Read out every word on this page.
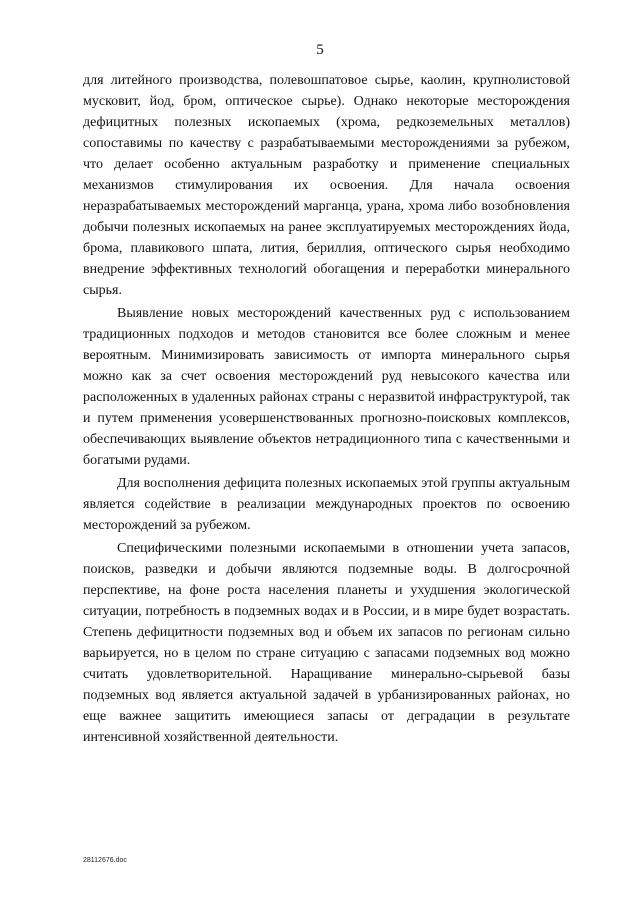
5

для литейного производства, полевошпатовое сырье, каолин, крупнолистовой мусковит, йод, бром, оптическое сырье). Однако некоторые месторождения дефицитных полезных ископаемых (хрома, редкоземельных металлов) сопоставимы по качеству с разрабатываемыми месторождениями за рубежом, что делает особенно актуальным разработку и применение специальных механизмов стимулирования их освоения. Для начала освоения неразрабатываемых месторождений марганца, урана, хрома либо возобновления добычи полезных ископаемых на ранее эксплуатируемых месторождениях йода, брома, плавикового шпата, лития, бериллия, оптического сырья необходимо внедрение эффективных технологий обогащения и переработки минерального сырья.

Выявление новых месторождений качественных руд с использованием традиционных подходов и методов становится все более сложным и менее вероятным. Минимизировать зависимость от импорта минерального сырья можно как за счет освоения месторождений руд невысокого качества или расположенных в удаленных районах страны с неразвитой инфраструктурой, так и путем применения усовершенствованных прогнозно-поисковых комплексов, обеспечивающих выявление объектов нетрадиционного типа с качественными и богатыми рудами.

Для восполнения дефицита полезных ископаемых этой группы актуальным является содействие в реализации международных проектов по освоению месторождений за рубежом.

Специфическими полезными ископаемыми в отношении учета запасов, поисков, разведки и добычи являются подземные воды. В долгосрочной перспективе, на фоне роста населения планеты и ухудшения экологической ситуации, потребность в подземных водах и в России, и в мире будет возрастать. Степень дефицитности подземных вод и объем их запасов по регионам сильно варьируется, но в целом по стране ситуацию с запасами подземных вод можно считать удовлетворительной. Наращивание минерально-сырьевой базы подземных вод является актуальной задачей в урбанизированных районах, но еще важнее защитить имеющиеся запасы от деградации в результате интенсивной хозяйственной деятельности.

28112676.doc
